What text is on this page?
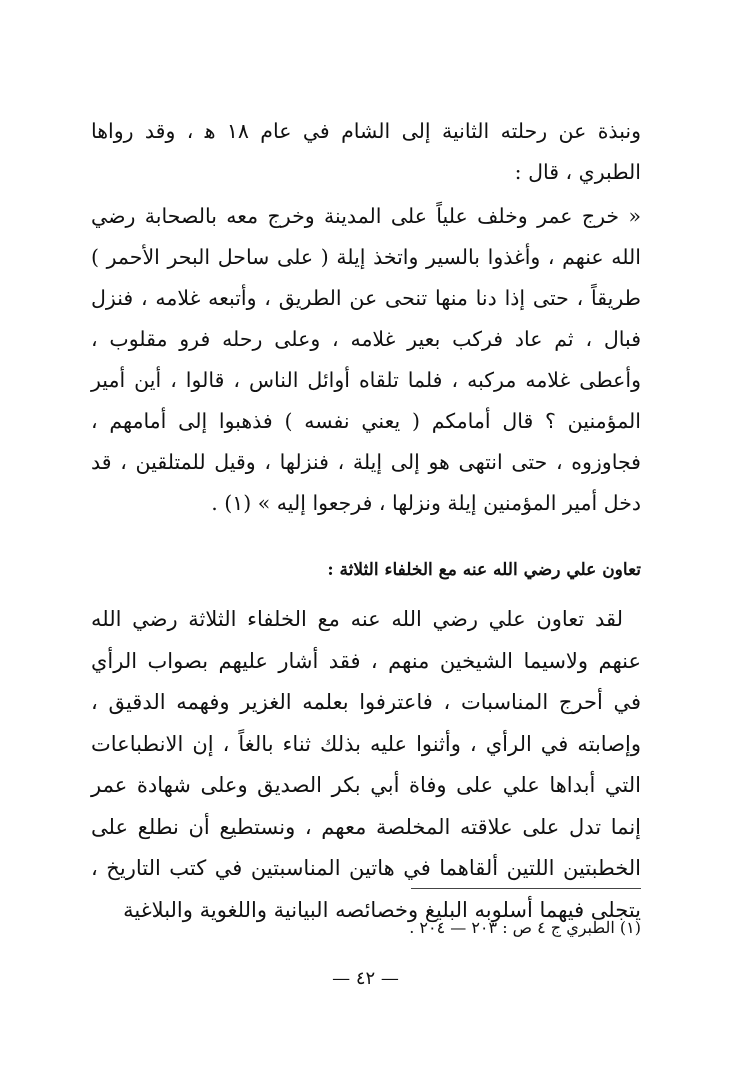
ونبذة عن رحلته الثانية إلى الشام في عام ١٨ ﻫ ، وقد رواها الطبري ، قال :

« خرج عمر وخلف علياً على المدينة وخرج معه بالصحابة رضي الله عنهم ، وأغذوا بالسير واتخذ إيلة ( على ساحل البحر الأحمر ) طريقاً ، حتى إذا دنا منها تنحى عن الطريق ، وأتبعه غلامه ، فنزل فبال ، ثم عاد فركب بعير غلامه ، وعلى رحله فرو مقلوب ، وأعطى غلامه مركبه ، فلما تلقاه أوائل الناس ، قالوا ، أين أمير المؤمنين ؟ قال أمامكم ( يعني نفسه ) فذهبوا إلى أمامهم ، فجاوزوه ، حتى انتهى هو إلى إيلة ، فنزلها ، وقيل للمتلقين ، قد دخل أمير المؤمنين إيلة ونزلها ، فرجعوا إليه » (١) .

تعاون علي رضي الله عنه مع الخلفاء الثلاثة :

لقد تعاون علي رضي الله عنه مع الخلفاء الثلاثة رضي الله عنهم ولاسيما الشيخين منهم ، فقد أشار عليهم بصواب الرأي في أحرج المناسبات ، فاعترفوا بعلمه الغزير وفهمه الدقيق ، وإصابته في الرأي ، وأثنوا عليه بذلك ثناء بالغاً ، إن الانطباعات التي أبداها علي على وفاة أبي بكر الصديق وعلى شهادة عمر إنما تدل على علاقته المخلصة معهم ، ونستطيع أن نطلع على الخطبتين اللتين ألقاهما في هاتين المناسبتين في كتب التاريخ ، يتجلى فيهما أسلوبه البليغ وخصائصه البيانية واللغوية والبلاغية

(١) الطبري ج ٤ ص : ٢٠٣ — ٢٠٤ .

— ٤٢ —
